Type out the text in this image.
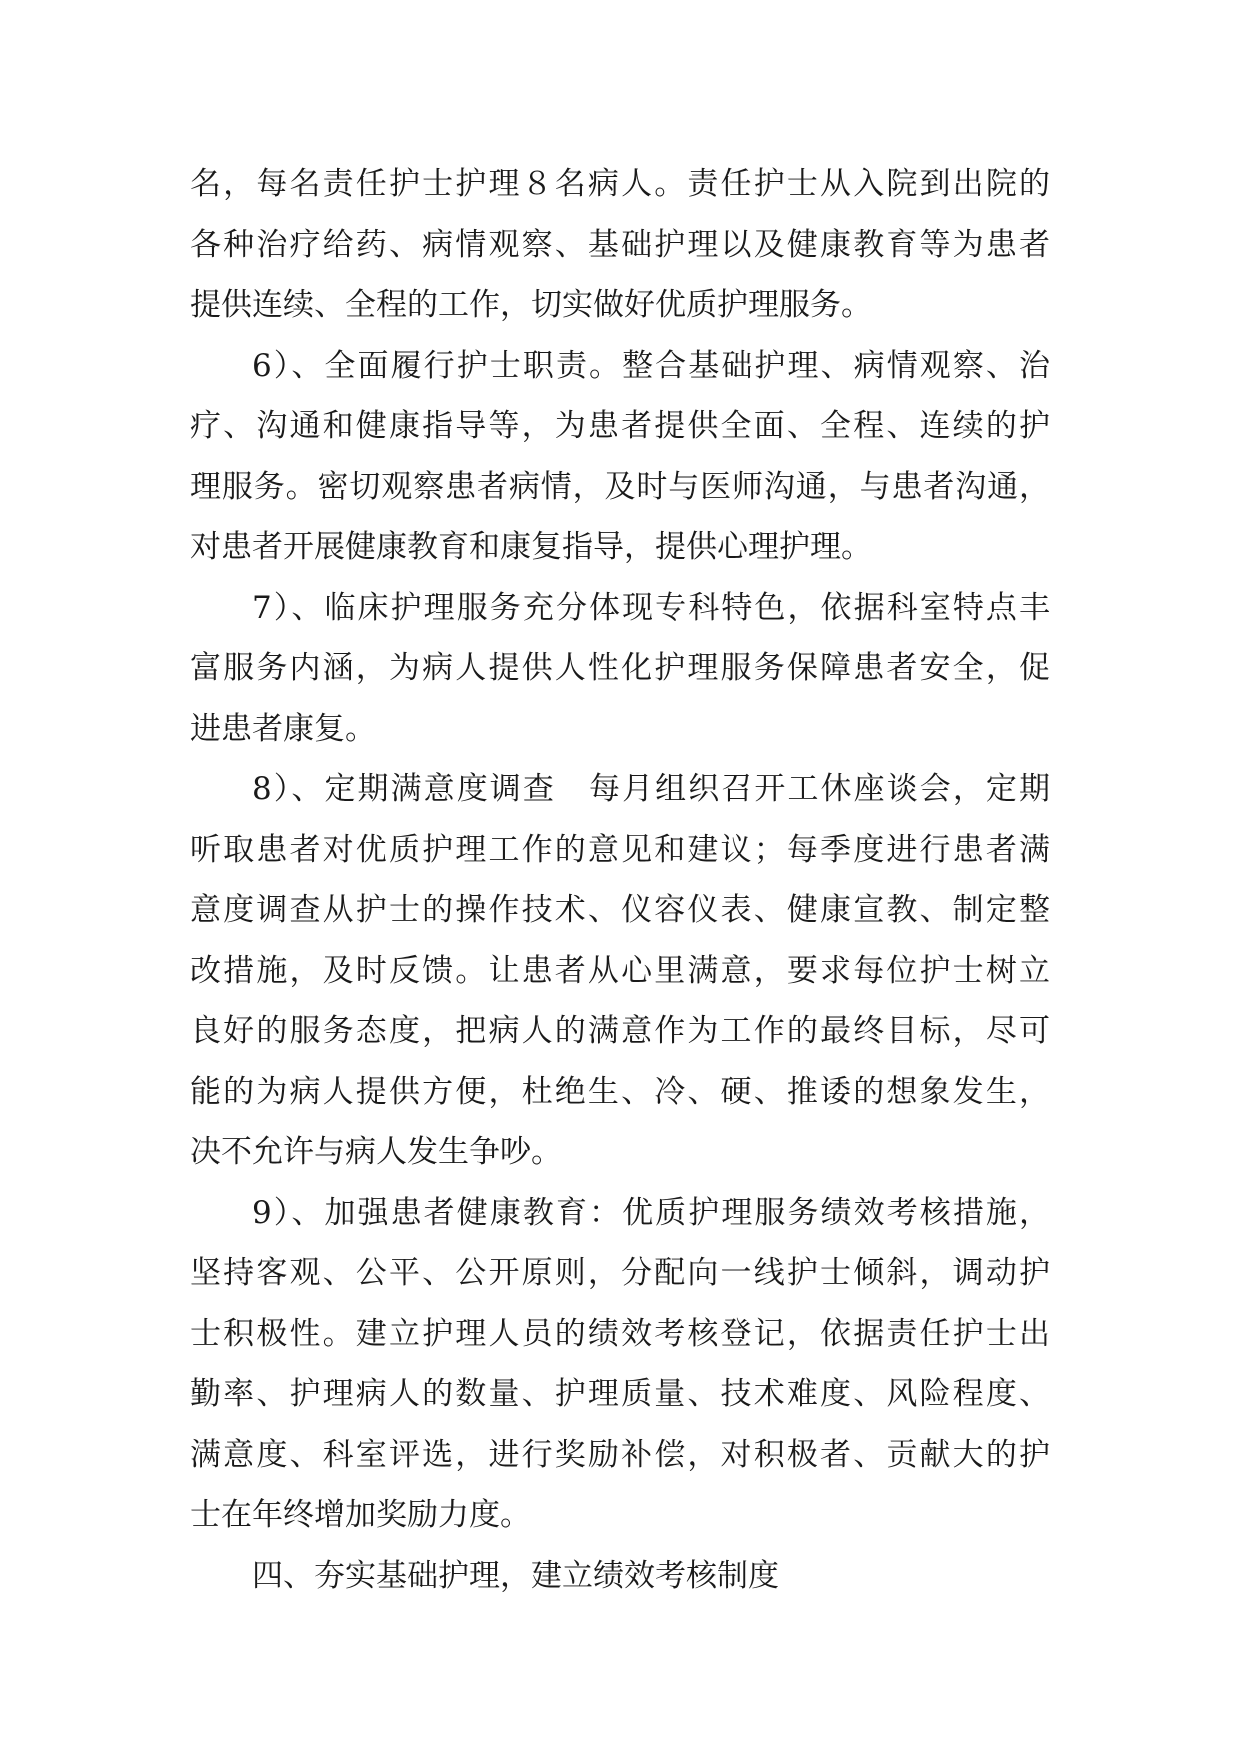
名，每名责任护士护理８名病人。责任护士从入院到出院的
各种治疗给药、病情观察、基础护理以及健康教育等为患者
提供连续、全程的工作，切实做好优质护理服务。
6）、全面履行护士职责。整合基础护理、病情观察、治
疗、沟通和健康指导等，为患者提供全面、全程、连续的护
理服务。密切观察患者病情，及时与医师沟通，与患者沟通，
对患者开展健康教育和康复指导，提供心理护理。
7）、临床护理服务充分体现专科特色，依据科室特点丰
富服务内涵，为病人提供人性化护理服务保障患者安全，促
进患者康复。
8）、定期满意度调查　每月组织召开工休座谈会，定期
听取患者对优质护理工作的意见和建议；每季度进行患者满
意度调查从护士的操作技术、仪容仪表、健康宣教、制定整
改措施，及时反馈。让患者从心里满意，要求每位护士树立
良好的服务态度，把病人的满意作为工作的最终目标，尽可
能的为病人提供方便，杜绝生、冷、硬、推诿的想象发生，
决不允许与病人发生争吵。
9）、加强患者健康教育：优质护理服务绩效考核措施，
坚持客观、公平、公开原则，分配向一线护士倾斜，调动护
士积极性。建立护理人员的绩效考核登记，依据责任护士出
勤率、护理病人的数量、护理质量、技术难度、风险程度、
满意度、科室评选，进行奖励补偿，对积极者、贡献大的护
士在年终增加奖励力度。
四、夯实基础护理，建立绩效考核制度
